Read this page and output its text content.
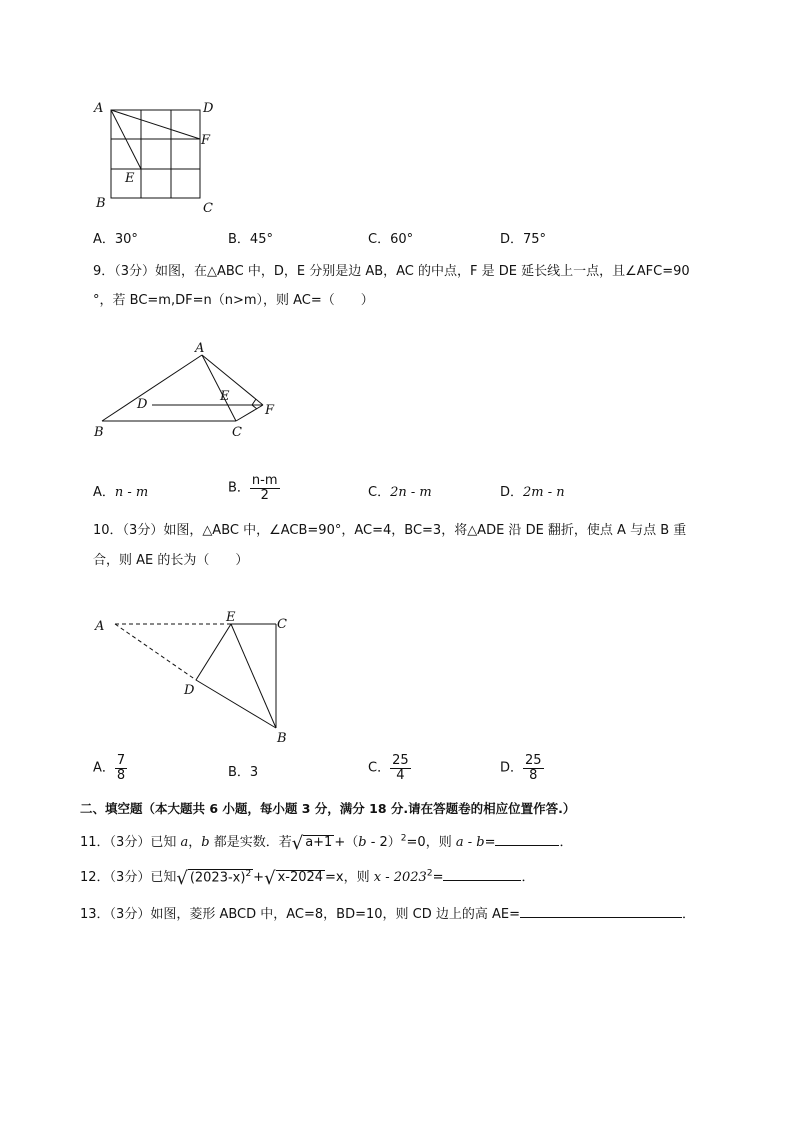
A	D
F
E
B	C
A．30°	B．45°	C．60°	D．75°
9．（3分）如图，在△ABC 中，D，E 分别是边 AB，AC 的中点，F 是 DE 延长线上一点，且∠AFC=90
°，若 BC=m,DF=n（n>m），则 AC=（　　）
A
D
E
F
B	C
A．n - m	B． $\frac{n-m}{2}$	C．2n - m	D．2m - n
10．（3分）如图，△ABC 中，∠ACB=90°，AC=4，BC=3，将△ADE 沿 DE 翻折，使点 A 与点 B 重
合，则 AE 的长为（　　）
A
E	C
D
B
A． $\frac{7}{8}$	B．3	C． $\frac{25}{4}$	D． $\frac{25}{8}$
二、填空题（本大题共 6 小题，每小题 3 分，满分 18 分.请在答题卷的相应位置作答.）
11．（3分）已知 a，b 都是实数．若√ a+1 +（b - 2）$^2$=0，则 a - b=	．
12．（3分）已知√ $(2023-x)^2$ +√ x-2024 =x，则 $x - 2023^2=$	．
13．（3分）如图，菱形 ABCD 中，AC=8，BD=10，则 CD 边上的高 AE=	．
